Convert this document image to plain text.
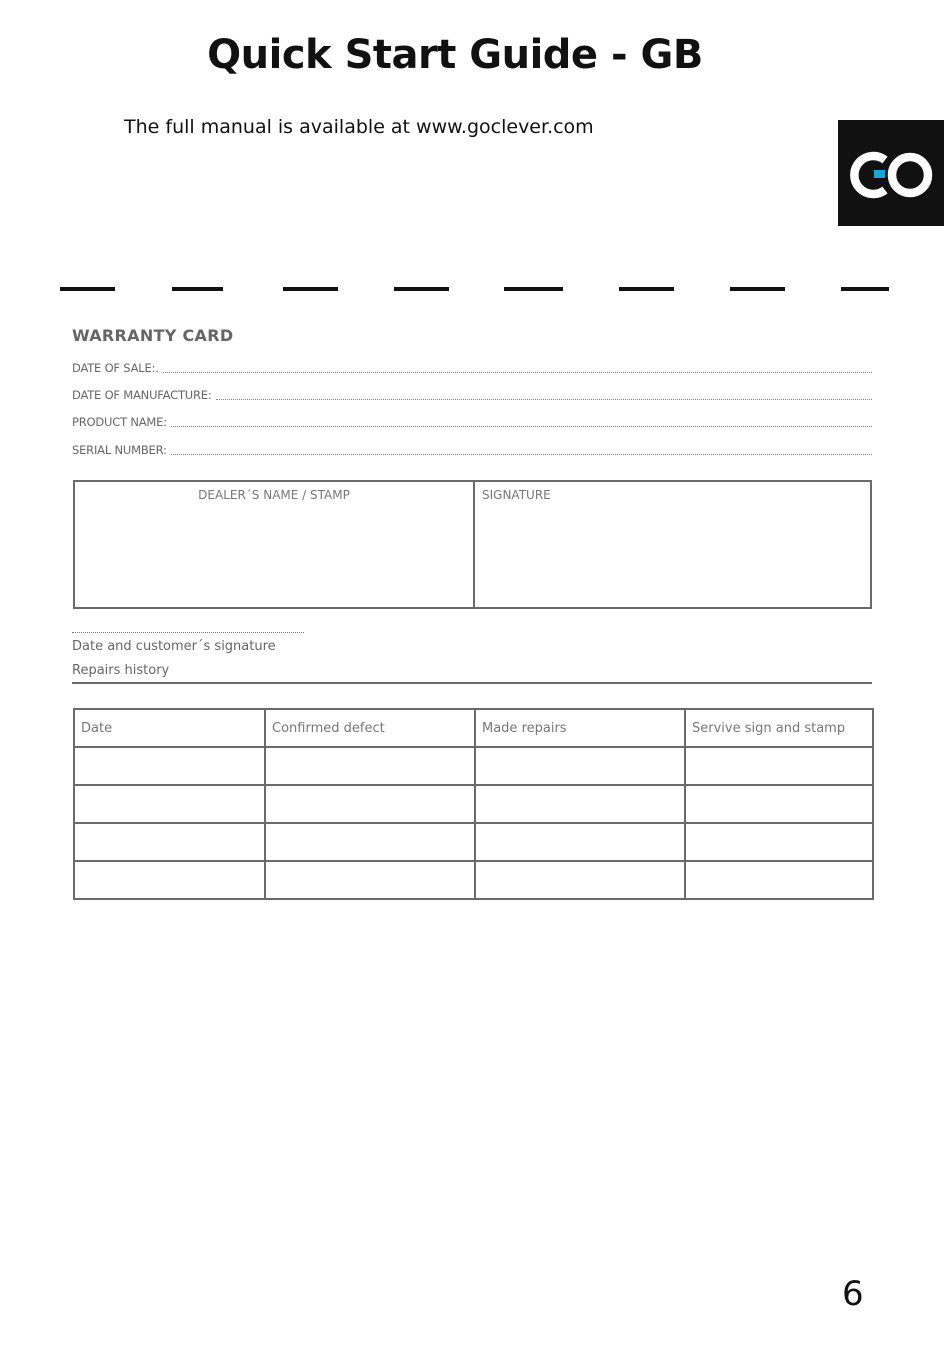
Quick Start Guide - GB
The full manual is available at www.goclever.com
WARRANTY CARD
DATE OF SALE:.
DATE OF MANUFACTURE:
PRODUCT NAME:
SERIAL NUMBER:
DEALER´S NAME / STAMP	SIGNATURE
Date and customer´s signature
Repairs history
Date	Confirmed defect	Made repairs	Servive sign and stamp

6
